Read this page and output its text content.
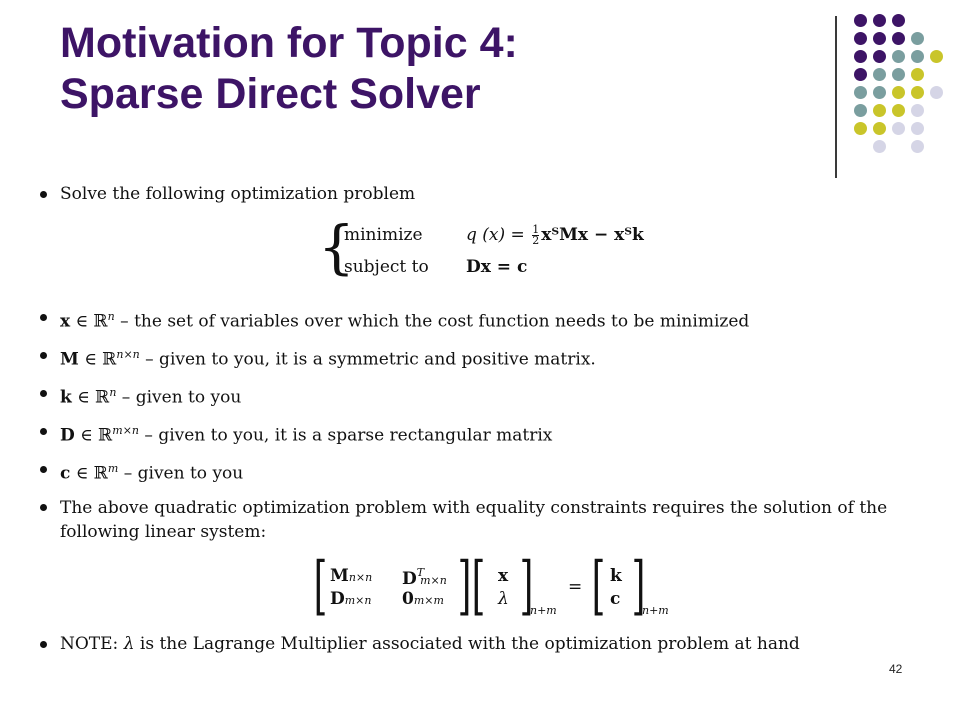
Motivation for Topic 4:
Sparse Direct Solver
Solve the following optimization problem
{
minimize	q $(x) = \frac{1}{2}$ xᵀMx − xᵀk
subject to Dx = c
x ∈ ℝ$^n$ – the set of variables over which the cost function needs to be minimized
M ∈ ℝ$^{n\times n}$ – given to you, it is a symmetric and positive matrix.
k ∈ ℝ$^n$ – given to you
D ∈ ℝ$^{m\times n}$ – given to you, it is a sparse rectangular matrix
c ∈ ℝ$^m$ – given to you
The above quadratic optimization problem with equality constraints requires the solution of the following linear system:
[ Mn×n $D^Tm\times n$
Dm×n 0m×m ] [ x
λ ]
n+m
= [ k
c ]
n+m
NOTE: λ is the Lagrange Multiplier associated with the optimization problem at hand
42
